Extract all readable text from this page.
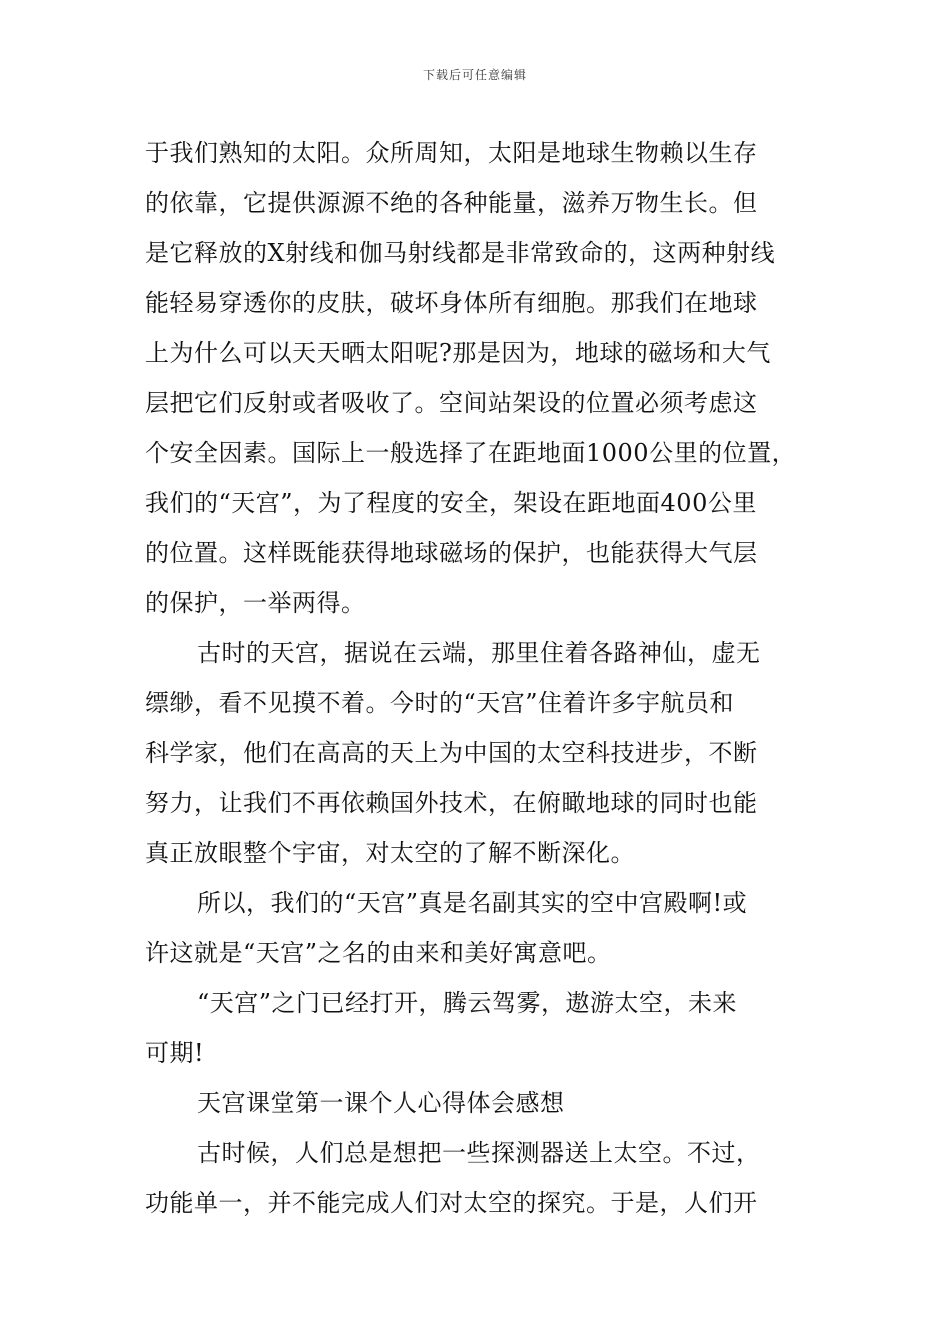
下载后可任意编辑
于我们熟知的太阳。众所周知，太阳是地球生物赖以生存
的依靠，它提供源源不绝的各种能量，滋养万物生长。但
是它释放的X射线和伽马射线都是非常致命的，这两种射线
能轻易穿透你的皮肤，破坏身体所有细胞。那我们在地球
上为什么可以天天晒太阳呢?那是因为，地球的磁场和大气
层把它们反射或者吸收了。空间站架设的位置必须考虑这
个安全因素。国际上一般选择了在距地面1000公里的位置，
我们的“天宫”，为了程度的安全，架设在距地面400公里
的位置。这样既能获得地球磁场的保护，也能获得大气层
的保护，一举两得。
古时的天宫，据说在云端，那里住着各路神仙，虚无
缥缈，看不见摸不着。今时的“天宫”住着许多宇航员和
科学家，他们在高高的天上为中国的太空科技进步，不断
努力，让我们不再依赖国外技术，在俯瞰地球的同时也能
真正放眼整个宇宙，对太空的了解不断深化。
所以，我们的“天宫”真是名副其实的空中宫殿啊!或
许这就是“天宫”之名的由来和美好寓意吧。
“天宫”之门已经打开，腾云驾雾，遨游太空，未来
可期!
天宫课堂第一课个人心得体会感想
古时候，人们总是想把一些探测器送上太空。不过，
功能单一，并不能完成人们对太空的探究。于是，人们开
